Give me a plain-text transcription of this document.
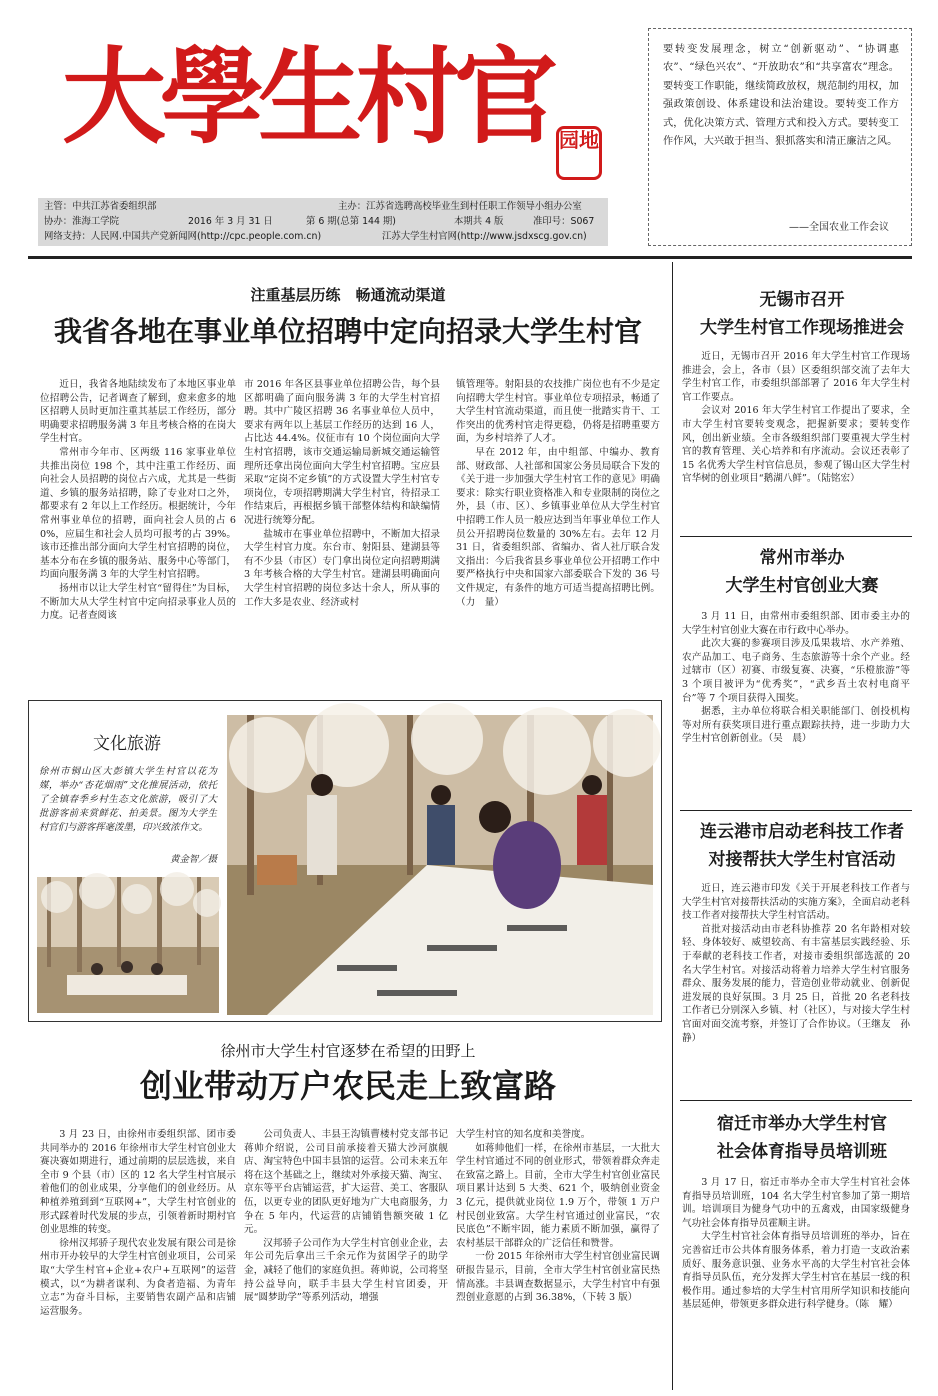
大學生村官 园地
要转变发展理念，树立“创新驱动”、“协调惠农”、“绿色兴农”、“开放助农”和“共享富农”理念。要转变工作职能，继续简政放权，规范制约用权，加强政策创设、体系建设和法治建设。要转变工作方式，优化决策方式、管理方式和投入方式。要转变工作作风，大兴敢于担当、狠抓落实和清正廉洁之风。
——全国农业工作会议
主管：中共江苏省委组织部	主办：江苏省选聘高校毕业生到村任职工作领导小组办公室
协办：淮海工学院	2016 年 3 月 31 日	第 6 期(总第 144 期)	本期共 4 版	准印号：S067
网络支持：人民网.中国共产党新闻网(http://cpc.people.com.cn)	江苏大学生村官网(http://www.jsdxscg.gov.cn)
注重基层历练　畅通流动渠道
我省各地在事业单位招聘中定向招录大学生村官

近日，我省各地陆续发布了本地区事业单位招聘公告，记者调查了解到，愈来愈多的地区招聘人员时更加注重其基层工作经历，部分明确要求招聘服务满 3 年且考核合格的在岗大学生村官。

常州市今年市、区两级 116 家事业单位共推出岗位 198 个，其中注重工作经历、面向社会人员招聘的岗位占六成，尤其是一些街道、乡镇的服务站招聘，除了专业对口之外，都要求有 2 年以上工作经历。根据统计，今年常州事业单位的招聘，面向社会人员的占 60%，应届生和社会人员均可报考的占 39%。该市还推出部分面向大学生村官招聘的岗位，基本分布在乡镇的服务站、服务中心等部门，均面向服务满 3 年的大学生村官招聘。

扬州市以让大学生村官“留得住”为目标，不断加大从大学生村官中定向招录事业人员的力度。记者查阅该

市 2016 年各区县事业单位招聘公告，每个县区都明确了面向服务满 3 年的大学生村官招聘。其中广陵区招聘 36 名事业单位人员中，要求有两年以上基层工作经历的达到 16 人，占比达 44.4%。仪征市有 10 个岗位面向大学生村官招聘，该市交通运输局新城交通运输管理所还拿出岗位面向大学生村官招聘。宝应县采取“定岗不定乡镇”的方式设置大学生村官专项岗位，专项招聘期满大学生村官，待招录工作结束后，再根据乡镇干部整体结构和缺编情况进行统筹分配。

盐城市在事业单位招聘中，不断加大招录大学生村官力度。东台市、射阳县、建湖县等有不少县（市区）专门拿出岗位定向招聘期满 3 年考核合格的大学生村官。建湖县明确面向大学生村官招聘的岗位多达十余人，所从事的工作大多是农业、经济或村

镇管理等。射阳县的农技推广岗位也有不少是定向招聘大学生村官。事业单位专项招录，畅通了大学生村官流动渠道，而且使一批踏实肯干、工作突出的优秀村官走得更稳，仍将是招聘重要方面，为乡村培养了人才。

早在 2012 年，由中组部、中编办、教育部、财政部、人社部和国家公务员局联合下发的《关于进一步加强大学生村官工作的意见》明确要求：除实行职业资格准入和专业限制的岗位之外，县（市、区）、乡镇事业单位从大学生村官中招聘工作人员一般应达到当年事业单位工作人员公开招聘岗位数量的 30%左右。去年 12 月 31 日，省委组织部、省编办、省人社厅联合发文指出：今后我省县乡事业单位公开招聘工作中要严格执行中央和国家六部委联合下发的 36 号文件规定，有条件的地方可适当提高招聘比例。（力　量）

文化旅游
徐州市铜山区大彭镇大学生村官以花为媒，举办“杏花烟雨”文化推展活动，依托了全镇春季乡村生态文化旅游，吸引了大批游客前来赏鲜花、拍美景。图为大学生村官们与游客挥毫泼墨，印兴致浓作文。
黄金智／摄
徐州市大学生村官逐梦在希望的田野上
创业带动万户农民走上致富路

3 月 23 日，由徐州市委组织部、团市委共同举办的 2016 年徐州市大学生村官创业大赛决赛如期进行，通过前期的层层选拔，来自全市 9 个县（市）区的 12 名大学生村官展示着他们的创业成果，分享他们的创业经历。从种植养殖到到“互联网+”，大学生村官创业的形式踩着时代发展的步点，引领着新时期村官创业思维的转变。

徐州汉邦骄子现代农业发展有限公司是徐州市开办较早的大学生村官创业项目，公司采取“大学生村官+企业+农户+互联网”的运营模式，以“为耕者谋利、为食者造福、为青年立志”为奋斗目标，主要销售农副产品和店铺运营服务。

公司负责人、丰县王沟镇曹楼村党支部书记蒋帅介绍说，公司目前承接着天猫大沙河旗舰店、淘宝特色中国丰县馆的运营。公司未来五年将在这个基础之上，继续对外承接天猫、淘宝、京东等平台店铺运营，扩大运营、美工、客服队伍，以更专业的团队更好地为广大电商服务，力争在 5 年内，代运营的店铺销售额突破 1 亿元。

汉邦骄子公司作为大学生村官创业企业，去年公司先后拿出三千余元作为贫困学子的助学金，减轻了他们的家庭负担。蒋帅说，公司将坚持公益导向，联手丰县大学生村官团委，开展“圆梦助学”等系列活动，增强

大学生村官的知名度和美誉度。

如蒋帅他们一样，在徐州市基层，一大批大学生村官通过不同的创业形式，带领着群众奔走在致富之路上。目前，全市大学生村官创业富民项目累计达到 5 大类、621 个，吸纳创业资金 3 亿元，提供就业岗位 1.9 万个，带领 1 万户村民创业致富。大学生村官通过创业富民，“农民底色”不断牢固，能力素质不断加强，赢得了农村基层干部群众的广泛信任和赞誉。

一份 2015 年徐州市大学生村官创业富民调研报告显示，目前，全市大学生村官创业富民热情高涨。丰县调查数据显示，大学生村官中有强烈创业意愿的占到 36.38%，（下转 3 版）

无锡市召开
大学生村官工作现场推进会

近日，无锡市召开 2016 年大学生村官工作现场推进会，会上，各市（县）区委组织部交流了去年大学生村官工作，市委组织部部署了 2016 年大学生村官工作要点。

会议对 2016 年大学生村官工作提出了要求，全市大学生村官要转变观念，把握新要求；要转变作风，创出新业绩。全市各级组织部门要重视大学生村官的教育管理、关心培养和有序流动。会议还表彰了 15 名优秀大学生村官信息员，参观了锡山区大学生村官华树的创业项目“鹅湖八鲜”。（陆铭宏）

常州市举办
大学生村官创业大赛

3 月 11 日，由常州市委组织部、团市委主办的大学生村官创业大赛在市行政中心举办。

此次大赛的参赛项目涉及瓜果栽培、水产养殖、农产品加工、电子商务、生态旅游等十余个产业。经过辖市（区）初赛、市级复赛、决赛，“乐橙旅游”等 3 个项目被评为“优秀奖”，“武乡吾土农村电商平台”等 7 个项目获得入围奖。

据悉，主办单位将联合相关职能部门、创投机构等对所有获奖项目进行重点跟踪扶持，进一步助力大学生村官创新创业。（吴　晨）

连云港市启动老科技工作者
对接帮扶大学生村官活动

近日，连云港市印发《关于开展老科技工作者与大学生村官对接帮扶活动的实施方案》，全面启动老科技工作者对接帮扶大学生村官活动。

首批对接活动由市老科协推荐 20 名年龄相对较轻、身体较好、威望较高、有丰富基层实践经验、乐于奉献的老科技工作者，对接市委组织部选派的 20 名大学生村官。对接活动将着力培养大学生村官服务群众、服务发展的能力，营造创业带动就业、创新促进发展的良好氛围。3 月 25 日，首批 20 名老科技工作者已分别深入乡镇、村（社区），与对接大学生村官面对面交流考察，并签订了合作协议。（王继友　孙　静）

宿迁市举办大学生村官
社会体育指导员培训班

3 月 17 日，宿迁市举办全市大学生村官社会体育指导员培训班，104 名大学生村官参加了第一期培训。培训项目为健身气功中的五禽戏，由国家级健身气功社会体育指导员霍顺主讲。

大学生村官社会体育指导员培训班的举办，旨在完善宿迁市公共体育服务体系，着力打造一支政治素质好、服务意识强、业务水平高的大学生村官社会体育指导员队伍，充分发挥大学生村官在基层一线的积极作用。通过参培的大学生村官用所学知识和技能向基层延伸，带领更多群众进行科学健身。（陈　耀）
